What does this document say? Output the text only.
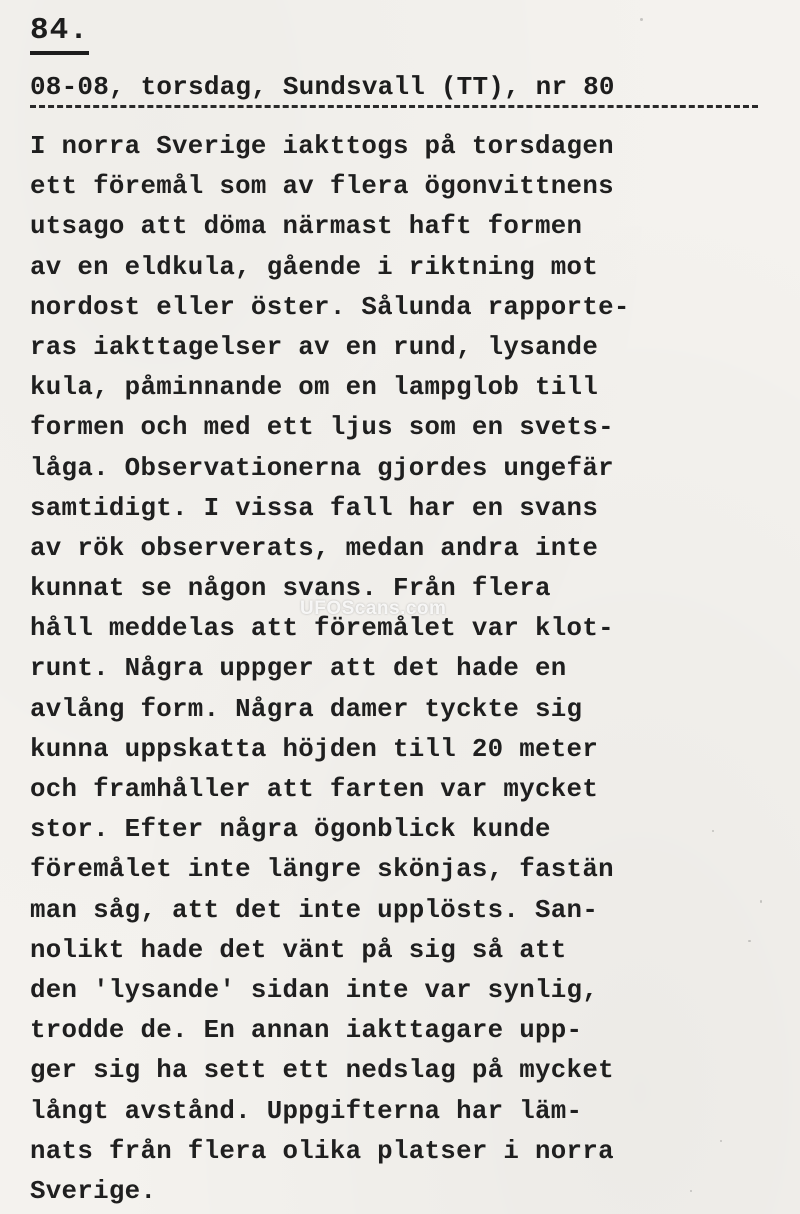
84.
08-08, torsdag, Sundsvall (TT), nr 80
I norra Sverige iakttogs på torsdagen
ett föremål som av flera ögonvittnens
utsago att döma närmast haft formen
av en eldkula, gående i riktning mot
nordost eller öster. Sålunda rapporte-
ras iakttagelser av en rund, lysande
kula, påminnande om en lampglob till
formen och med ett ljus som en svets-
låga. Observationerna gjordes ungefär
samtidigt. I vissa fall har en svans
av rök observerats, medan andra inte
kunnat se någon svans. Från flera
håll meddelas att föremålet var klot-
runt. Några uppger att det hade en
avlång form. Några damer tyckte sig
kunna uppskatta höjden till 20 meter
och framhåller att farten var mycket
stor. Efter några ögonblick kunde
föremålet inte längre skönjas, fastän
man såg, att det inte upplösts. San-
nolikt hade det vänt på sig så att
den 'lysande' sidan inte var synlig,
trodde de. En annan iakttagare upp-
ger sig ha sett ett nedslag på mycket
långt avstånd. Uppgifterna har läm-
nats från flera olika platser i norra
Sverige.
UFOScans.com
